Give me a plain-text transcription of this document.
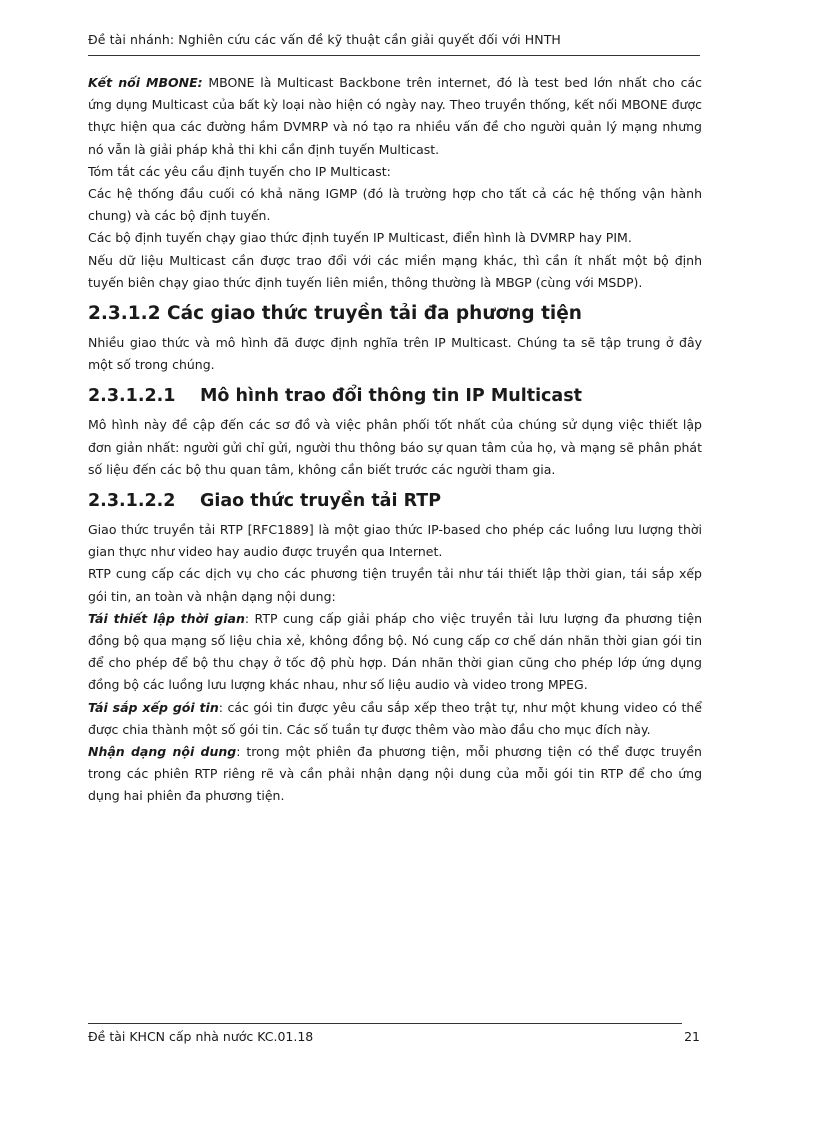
Đề tài nhánh: Nghiên cứu các vấn đề kỹ thuật cần giải quyết đối với HNTH

Kết nối MBONE: MBONE là Multicast Backbone trên internet, đó là test bed lớn nhất cho các ứng dụng Multicast của bất kỳ loại nào hiện có ngày nay. Theo truyền thống, kết nối MBONE được thực hiện qua các đường hầm DVMRP và nó tạo ra nhiều vấn đề cho người quản lý mạng nhưng nó vẫn là giải pháp khả thi khi cần định tuyến Multicast.

Tóm tắt các yêu cầu định tuyến cho IP Multicast:

Các hệ thống đầu cuối có khả năng IGMP (đó là trường hợp cho tất cả các hệ thống vận hành chung) và các bộ định tuyến.

Các bộ định tuyến chạy giao thức định tuyến IP Multicast, điển hình là DVMRP hay PIM.

Nếu dữ liệu Multicast cần được trao đổi với các miền mạng khác, thì cần ít nhất một bộ định tuyến biên chạy giao thức định tuyến liên miền, thông thường là MBGP (cùng với MSDP).

2.3.1.2 Các giao thức truyền tải đa phương tiện

Nhiều giao thức và mô hình đã được định nghĩa trên IP Multicast. Chúng ta sẽ tập trung ở đây một số trong chúng.

2.3.1.2.1 Mô hình trao đổi thông tin IP Multicast

Mô hình này đề cập đến các sơ đồ và việc phân phối tốt nhất của chúng sử dụng việc thiết lập đơn giản nhất: người gửi chỉ gửi, người thu thông báo sự quan tâm của họ, và mạng sẽ phân phát số liệu đến các bộ thu quan tâm, không cần biết trước các người tham gia.

2.3.1.2.2 Giao thức truyền tải RTP

Giao thức truyền tải RTP [RFC1889] là một giao thức IP-based cho phép các luồng lưu lượng thời gian thực như video hay audio được truyền qua Internet.

RTP cung cấp các dịch vụ cho các phương tiện truyền tải như tái thiết lập thời gian, tái sắp xếp gói tin, an toàn và nhận dạng nội dung:

Tái thiết lập thời gian: RTP cung cấp giải pháp cho việc truyền tải lưu lượng đa phương tiện đồng bộ qua mạng số liệu chia xẻ, không đồng bộ. Nó cung cấp cơ chế dán nhãn thời gian gói tin để cho phép để bộ thu chạy ở tốc độ phù hợp. Dán nhãn thời gian cũng cho phép lớp ứng dụng đồng bộ các luồng lưu lượng khác nhau, như số liệu audio và video trong MPEG.

Tái sắp xếp gói tin: các gói tin được yêu cầu sắp xếp theo trật tự, như một khung video có thể được chia thành một số gói tin. Các số tuần tự được thêm vào mào đầu cho mục đích này.

Nhận dạng nội dung: trong một phiên đa phương tiện, mỗi phương tiện có thể được truyền trong các phiên RTP riêng rẽ và cần phải nhận dạng nội dung của mỗi gói tin RTP để cho ứng dụng hai phiên đa phương tiện.

Đề tài KHCN cấp nhà nước KC.01.18	21
